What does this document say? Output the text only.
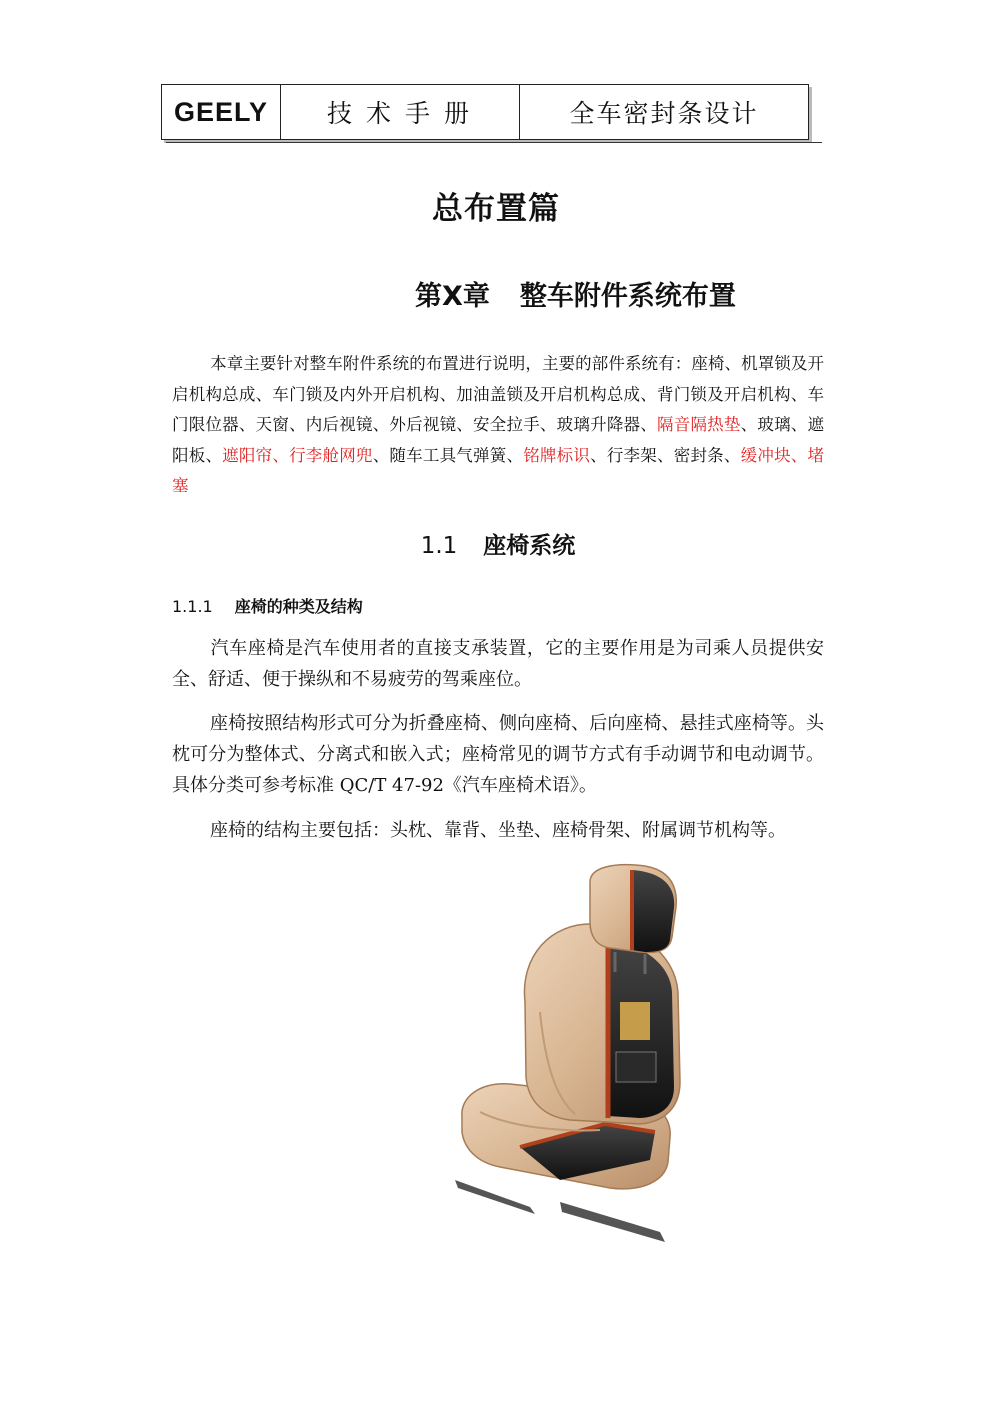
GEELY	技术手册	全车密封条设计
总布置篇
第X章 整车附件系统布置

本章主要针对整车附件系统的布置进行说明，主要的部件系统有：座椅、机罩锁及开启机构总成、车门锁及内外开启机构、加油盖锁及开启机构总成、背门锁及开启机构、车门限位器、天窗、内后视镜、外后视镜、安全拉手、玻璃升降器、隔音隔热垫、玻璃、遮阳板、遮阳帘、行李舱网兜、随车工具气弹簧、铭牌标识、行李架、密封条、缓冲块、堵塞

1.1 座椅系统
1.1.1 座椅的种类及结构

汽车座椅是汽车使用者的直接支承装置，它的主要作用是为司乘人员提供安全、舒适、便于操纵和不易疲劳的驾乘座位。

座椅按照结构形式可分为折叠座椅、侧向座椅、后向座椅、悬挂式座椅等。头枕可分为整体式、分离式和嵌入式；座椅常见的调节方式有手动调节和电动调节。具体分类可参考标准 QC/T 47-92《汽车座椅术语》。

座椅的结构主要包括：头枕、靠背、坐垫、座椅骨架、附属调节机构等。
